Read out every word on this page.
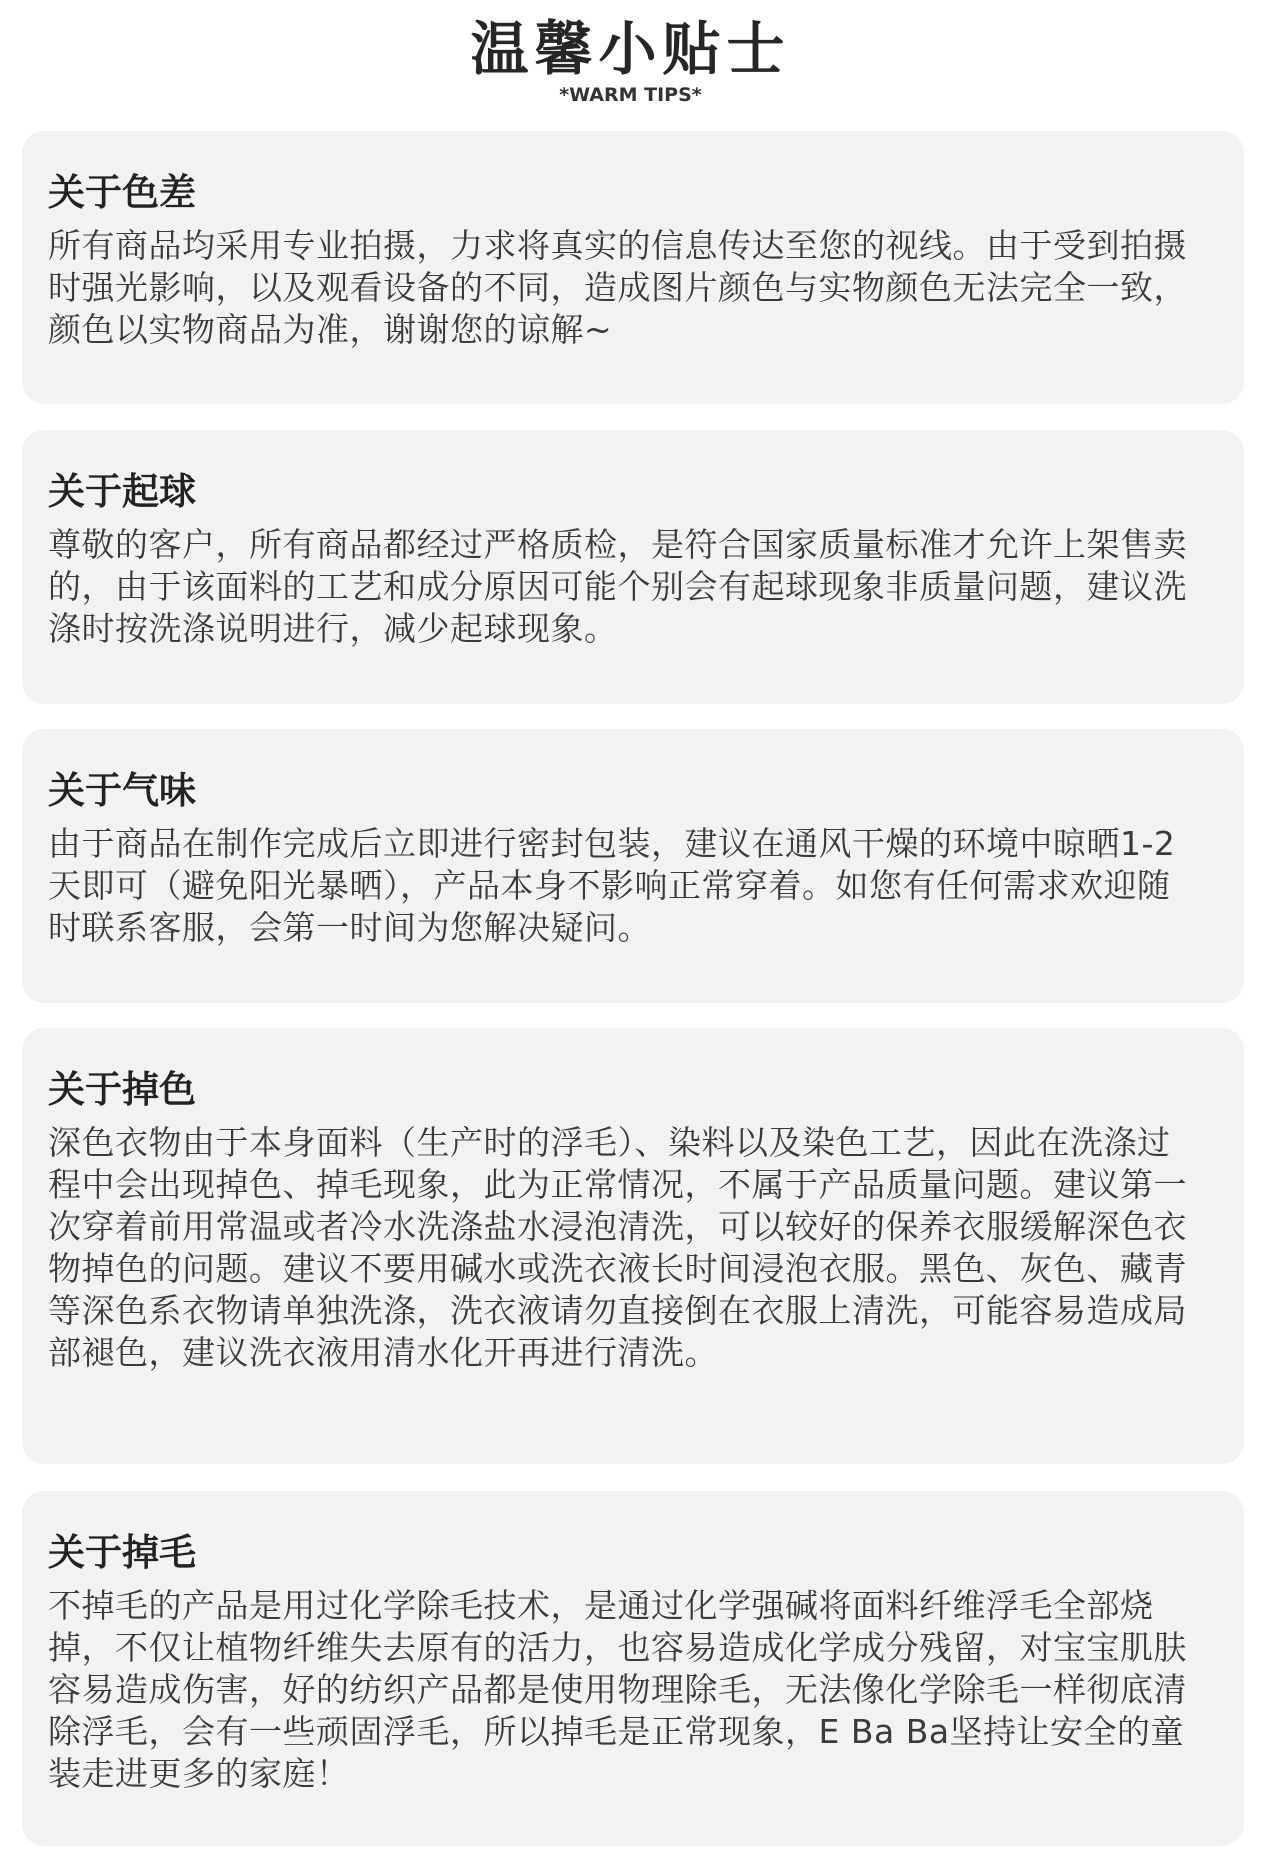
温馨小贴士
*WARM TIPS*
关于色差
所有商品均采用专业拍摄，力求将真实的信息传达至您的视线。由于受到拍摄时强光影响，以及观看设备的不同，造成图片颜色与实物颜色无法完全一致，颜色以实物商品为准，谢谢您的谅解~
关于起球
尊敬的客户，所有商品都经过严格质检，是符合国家质量标准才允许上架售卖的，由于该面料的工艺和成分原因可能个别会有起球现象非质量问题，建议洗涤时按洗涤说明进行，减少起球现象。
关于气味
由于商品在制作完成后立即进行密封包装，建议在通风干燥的环境中晾晒1-2天即可（避免阳光暴晒），产品本身不影响正常穿着。如您有任何需求欢迎随时联系客服，会第一时间为您解决疑问。
关于掉色
深色衣物由于本身面料（生产时的浮毛）、染料以及染色工艺，因此在洗涤过程中会出现掉色、掉毛现象，此为正常情况，不属于产品质量问题。建议第一次穿着前用常温或者冷水洗涤盐水浸泡清洗，可以较好的保养衣服缓解深色衣物掉色的问题。建议不要用碱水或洗衣液长时间浸泡衣服。黑色、灰色、藏青等深色系衣物请单独洗涤，洗衣液请勿直接倒在衣服上清洗，可能容易造成局部褪色，建议洗衣液用清水化开再进行清洗。
关于掉毛
不掉毛的产品是用过化学除毛技术，是通过化学强碱将面料纤维浮毛全部烧掉，不仅让植物纤维失去原有的活力，也容易造成化学成分残留，对宝宝肌肤容易造成伤害，好的纺织产品都是使用物理除毛，无法像化学除毛一样彻底清除浮毛，会有一些顽固浮毛，所以掉毛是正常现象，E Ba Ba坚持让安全的童装走进更多的家庭！
